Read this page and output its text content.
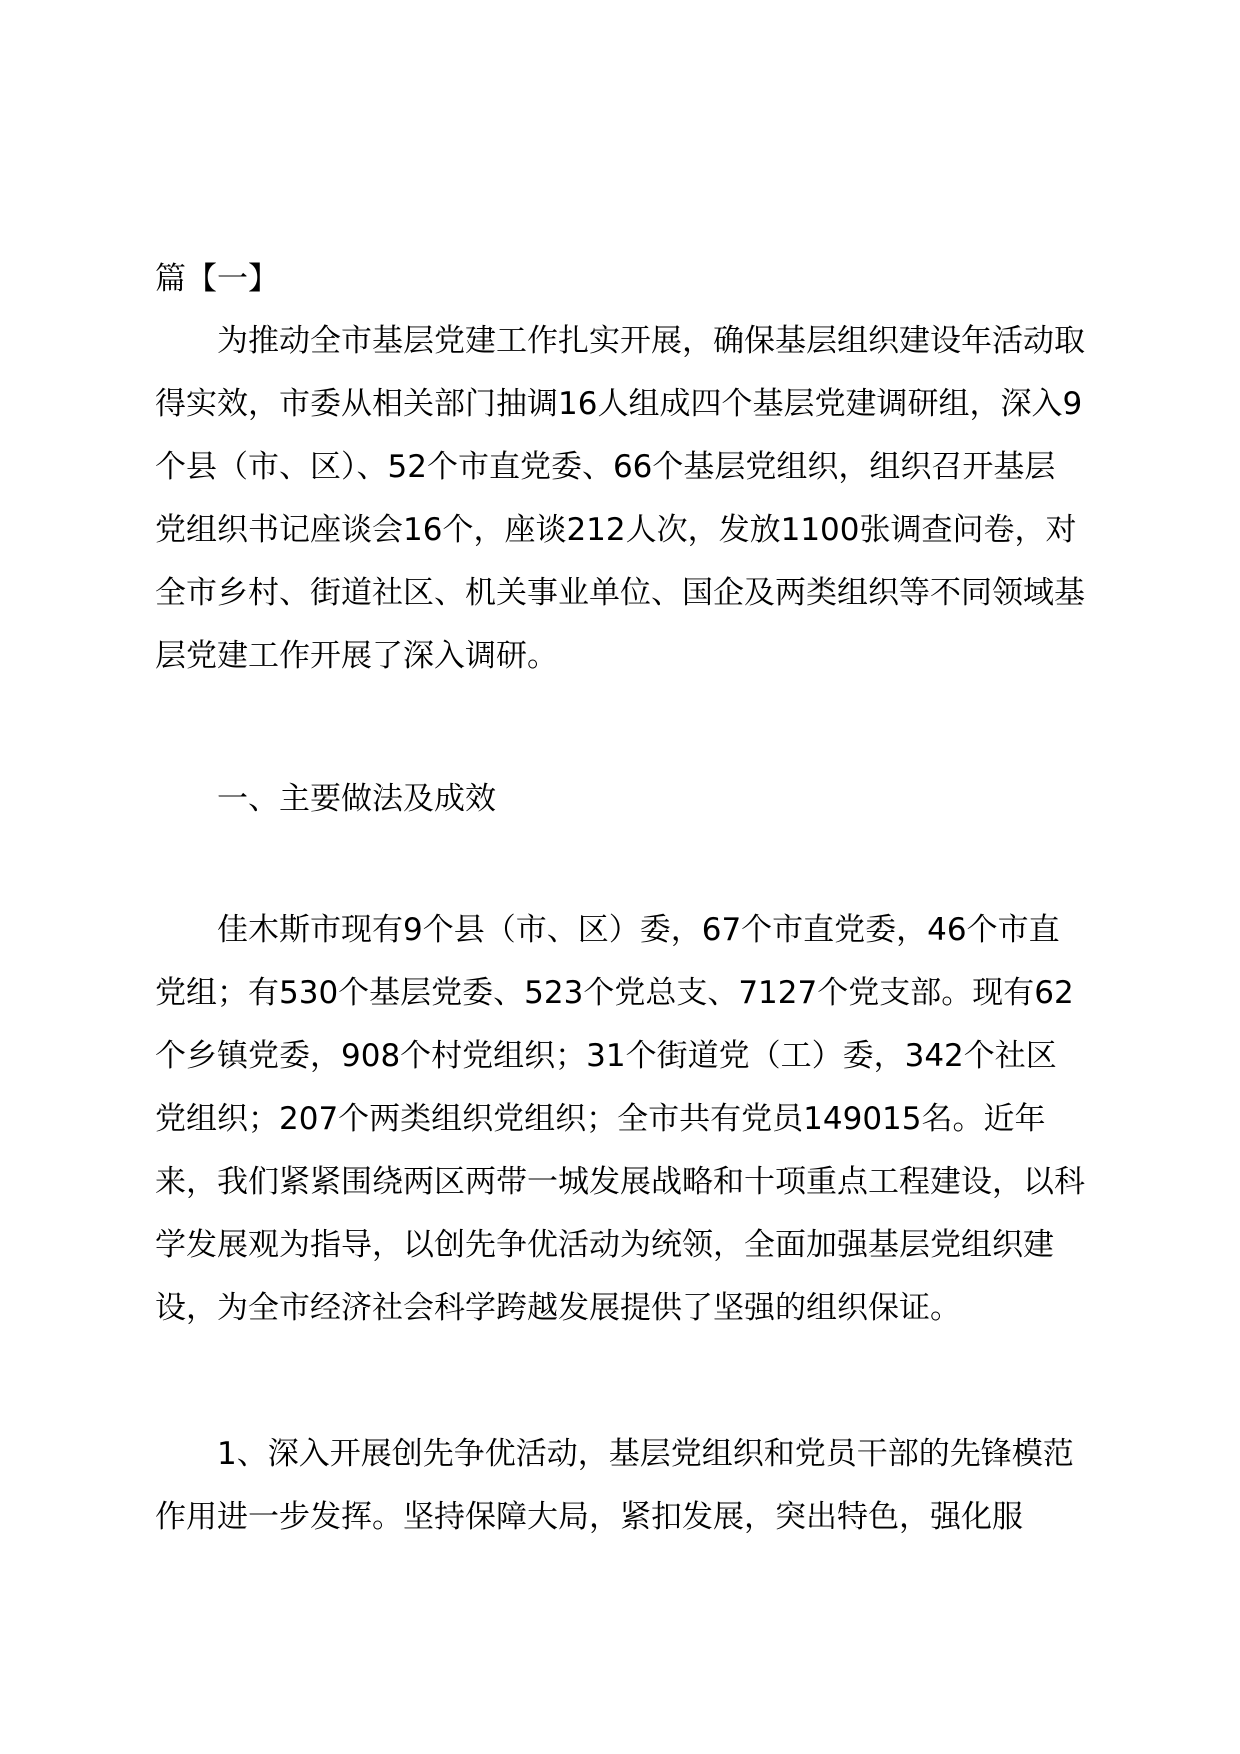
篇【一】

为推动全市基层党建工作扎实开展，确保基层组织建设年活动取得实效，市委从相关部门抽调16人组成四个基层党建调研组，深入9个县（市、区）、52个市直党委、66个基层党组织，组织召开基层党组织书记座谈会16个，座谈212人次，发放1100张调查问卷，对全市乡村、街道社区、机关事业单位、国企及两类组织等不同领域基层党建工作开展了深入调研。

一、主要做法及成效

佳木斯市现有9个县（市、区）委，67个市直党委，46个市直党组；有530个基层党委、523个党总支、7127个党支部。现有62个乡镇党委，908个村党组织；31个街道党（工）委，342个社区党组织；207个两类组织党组织；全市共有党员149015名。近年来，我们紧紧围绕两区两带一城发展战略和十项重点工程建设，以科学发展观为指导，以创先争优活动为统领，全面加强基层党组织建设，为全市经济社会科学跨越发展提供了坚强的组织保证。

1、深入开展创先争优活动，基层党组织和党员干部的先锋模范作用进一步发挥。坚持保障大局，紧扣发展，突出特色，强化服
